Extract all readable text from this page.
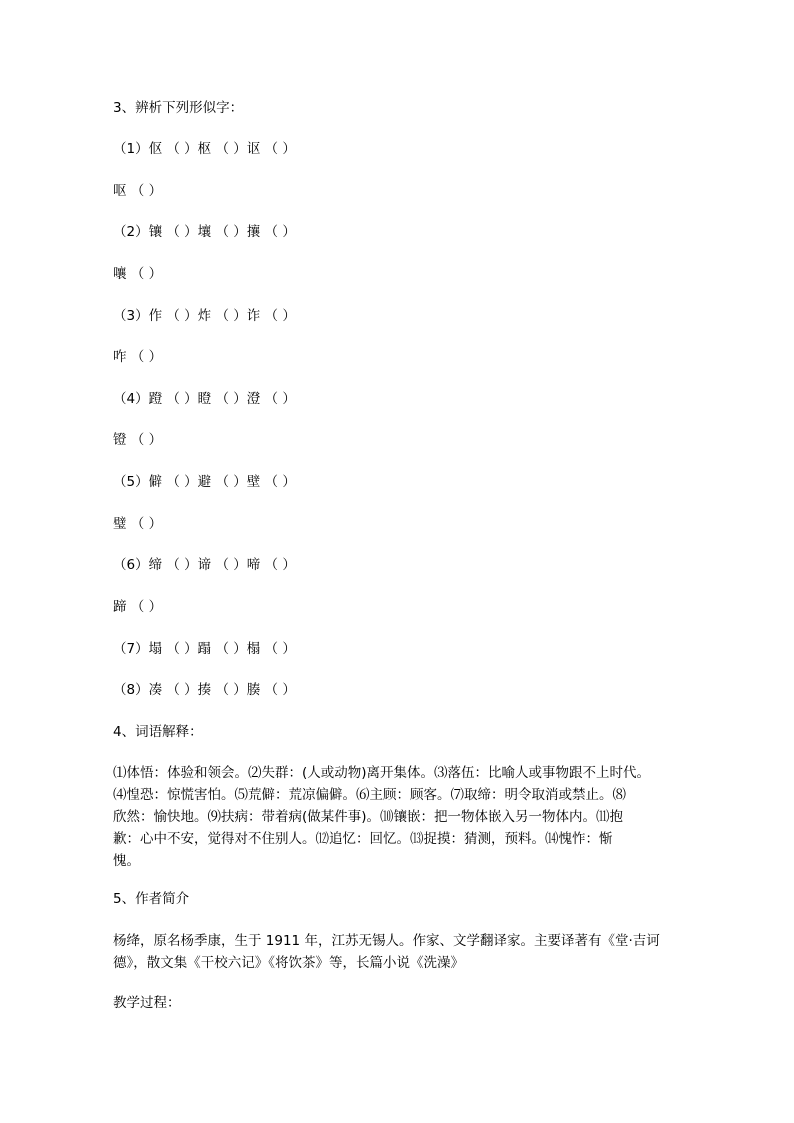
3、辨析下列形似字：
（1）伛 （ ）枢 （ ）讴 （ ）
呕 （ ）
（2）镶 （ ）壤 （ ）攘 （ ）
嚷 （ ）
（3）作 （ ）炸 （ ）诈 （ ）
咋 （ ）
（4）蹬 （ ）瞪 （ ）澄 （ ）
镫 （ ）
（5）僻 （ ）避 （ ）壁 （ ）
璧 （ ）
（6）缔 （ ）谛 （ ）啼 （ ）
蹄 （ ）
（7）塌 （ ）蹋 （ ）榻 （ ）
（8）凑 （ ）揍 （ ）腠 （ ）
4、词语解释：
⑴体悟：体验和领会。⑵失群：(人或动物)离开集体。⑶落伍：比喻人或事物跟不上时代。
⑷惶恐：惊慌害怕。⑸荒僻：荒凉偏僻。⑹主顾：顾客。⑺取缔：明令取消或禁止。⑻
欣然：愉快地。⑼扶病：带着病(做某件事)。⑽镶嵌：把一物体嵌入另一物体内。⑾抱
歉：心中不安，觉得对不住别人。⑿追忆：回忆。⒀捉摸：猜测，预料。⒁愧怍：惭
愧。
5、作者简介
杨绛，原名杨季康，生于 1911 年，江苏无锡人。作家、文学翻译家。主要译著有《堂·吉诃
德》，散文集《干校六记》《将饮茶》等，长篇小说《洗澡》
教学过程：
